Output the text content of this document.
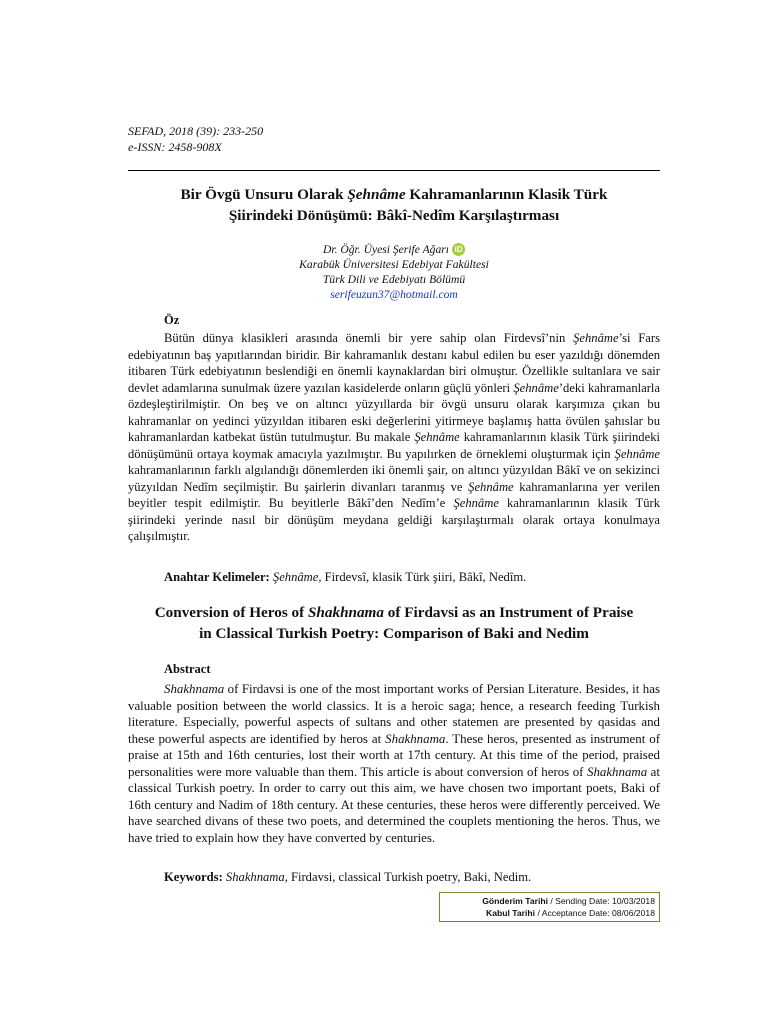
SEFAD, 2018 (39): 233-250
e-ISSN: 2458-908X
Bir Övgü Unsuru Olarak Şehnâme Kahramanlarının Klasik Türk
Şiirindeki Dönüşümü: Bâkî-Nedîm Karşılaştırması
Dr. Öğr. Üyesi Şerife Ağarı iD
Karabük Üniversitesi Edebiyat Fakültesi
Türk Dili ve Edebiyatı Bölümü
serifeuzun37@hotmail.com
Öz

Bütün dünya klasikleri arasında önemli bir yere sahip olan Firdevsî’nin Şehnâme’si Fars edebiyatının baş yapıtlarından biridir. Bir kahramanlık destanı kabul edilen bu eser yazıldığı dönemden itibaren Türk edebiyatının beslendiği en önemli kaynaklardan biri olmuştur. Özellikle sultanlara ve sair devlet adamlarına sunulmak üzere yazılan kasidelerde onların güçlü yönleri Şehnâme’deki kahramanlarla özdeşleştirilmiştir. On beş ve on altıncı yüzyıllarda bir övgü unsuru olarak karşımıza çıkan bu kahramanlar on yedinci yüzyıldan itibaren eski değerlerini yitirmeye başlamış hatta övülen şahıslar bu kahramanlardan katbekat üstün tutulmuştur. Bu makale Şehnâme kahramanlarının klasik Türk şiirindeki dönüşümünü ortaya koymak amacıyla yazılmıştır. Bu yapılırken de örneklemi oluşturmak için Şehnâme kahramanlarının farklı algılandığı dönemlerden iki önemli şair, on altıncı yüzyıldan Bâkî ve on sekizinci yüzyıldan Nedîm seçilmiştir. Bu şairlerin divanları taranmış ve Şehnâme kahramanlarına yer verilen beyitler tespit edilmiştir. Bu beyitlerle Bâkî’den Nedîm’e Şehnâme kahramanlarının klasik Türk şiirindeki yerinde nasıl bir dönüşüm meydana geldiği karşılaştırmalı olarak ortaya konulmaya çalışılmıştır.

Anahtar Kelimeler: Şehnâme, Firdevsî, klasik Türk şiiri, Bâkî, Nedîm.
Conversion of Heros of Shakhnama of Firdavsi as an Instrument of Praise
in Classical Turkish Poetry: Comparison of Baki and Nedim
Abstract

Shakhnama of Firdavsi is one of the most important works of Persian Literature. Besides, it has valuable position between the world classics. It is a heroic saga; hence, a research feeding Turkish literature. Especially, powerful aspects of sultans and other statemen are presented by qasidas and these powerful aspects are identified by heros at Shakhnama. These heros, presented as instrument of praise at 15th and 16th centuries, lost their worth at 17th century. At this time of the period, praised personalities were more valuable than them. This article is about conversion of heros of Shakhnama at classical Turkish poetry. In order to carry out this aim, we have chosen two important poets, Baki of 16th century and Nadim of 18th century. At these centuries, these heros were differently perceived. We have searched divans of these two poets, and determined the couplets mentioning the heros. Thus, we have tried to explain how they have converted by centuries.

Keywords: Shakhnama, Firdavsi, classical Turkish poetry, Baki, Nedim.
Gönderim Tarihi / Sending Date: 10/03/2018
Kabul Tarihi / Acceptance Date: 08/06/2018
